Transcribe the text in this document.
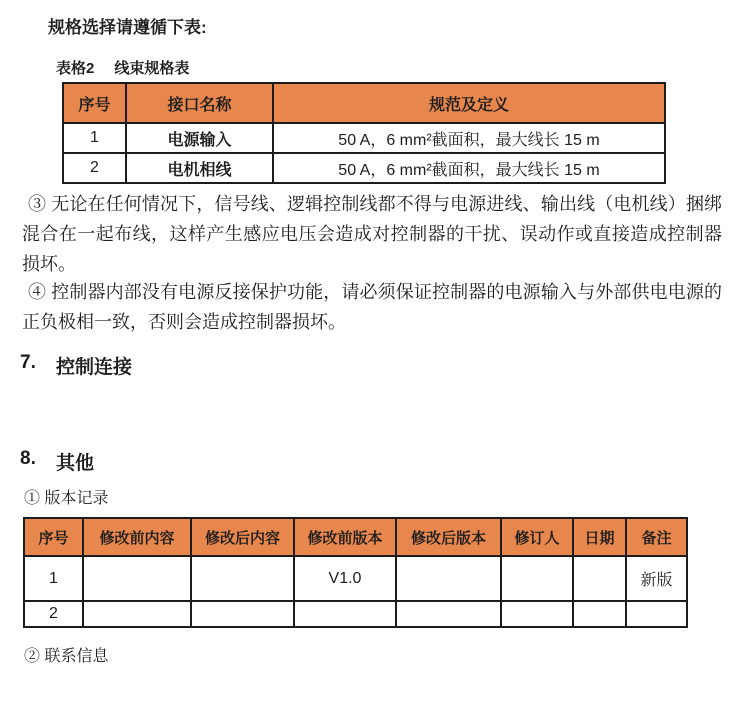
规格选择请遵循下表:

表格2 线束规格表
序号	接口名称	规范及定义
1	电源输入	50 A，6 mm²截面积，最大线长 15 m
2	电机相线	50 A，6 mm²截面积，最大线长 15 m

③ 无论在任何情况下，信号线、逻辑控制线都不得与电源进线、输出线（电机线）捆绑混合在一起布线，这样产生感应电压会造成对控制器的干扰、误动作或直接造成控制器损坏。

④ 控制器内部没有电源反接保护功能，请必须保证控制器的电源输入与外部供电电源的正负极相一致，否则会造成控制器损坏。

7.	控制连接
8.	其他

① 版本记录

序号	修改前内容	修改后内容	修改前版本	修改后版本	修订人	日期	备注
1			V1.0				新版
2							

② 联系信息
